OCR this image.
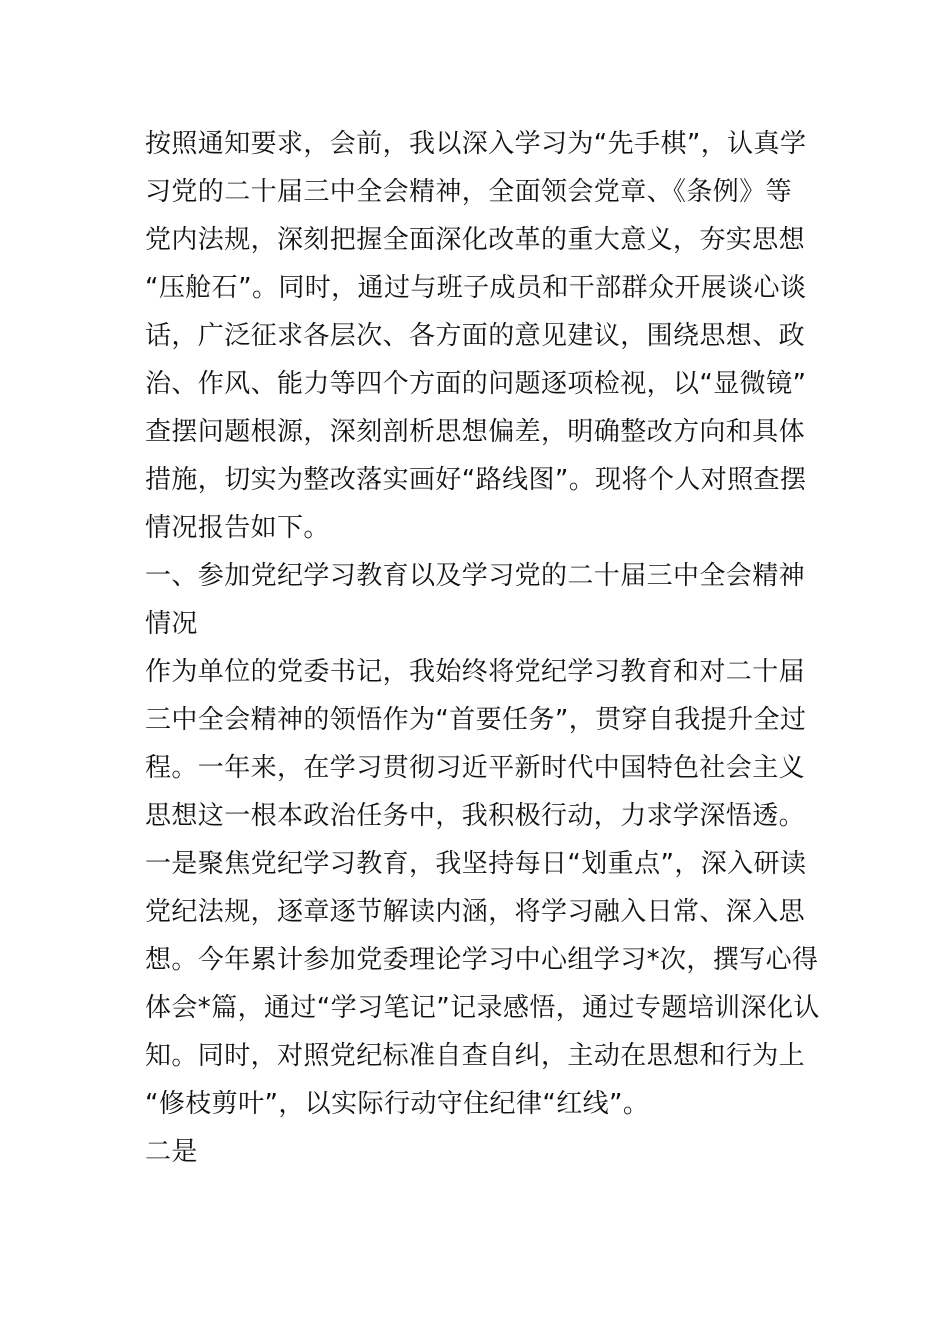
按照通知要求，会前，我以深入学习为“先手棋”，认真学
习党的二十届三中全会精神，全面领会党章、《条例》等
党内法规，深刻把握全面深化改革的重大意义，夯实思想
“压舱石”。同时，通过与班子成员和干部群众开展谈心谈
话，广泛征求各层次、各方面的意见建议，围绕思想、政
治、作风、能力等四个方面的问题逐项检视，以“显微镜”
查摆问题根源，深刻剖析思想偏差，明确整改方向和具体
措施，切实为整改落实画好“路线图”。现将个人对照查摆
情况报告如下。
一、参加党纪学习教育以及学习党的二十届三中全会精神
情况
作为单位的党委书记，我始终将党纪学习教育和对二十届
三中全会精神的领悟作为“首要任务”，贯穿自我提升全过
程。一年来，在学习贯彻习近平新时代中国特色社会主义
思想这一根本政治任务中，我积极行动，力求学深悟透。
一是聚焦党纪学习教育，我坚持每日“划重点”，深入研读
党纪法规，逐章逐节解读内涵，将学习融入日常、深入思
想。今年累计参加党委理论学习中心组学习*次，撰写心得
体会*篇，通过“学习笔记”记录感悟，通过专题培训深化认
知。同时，对照党纪标准自查自纠，主动在思想和行为上
“修枝剪叶”，以实际行动守住纪律“红线”。
二是
